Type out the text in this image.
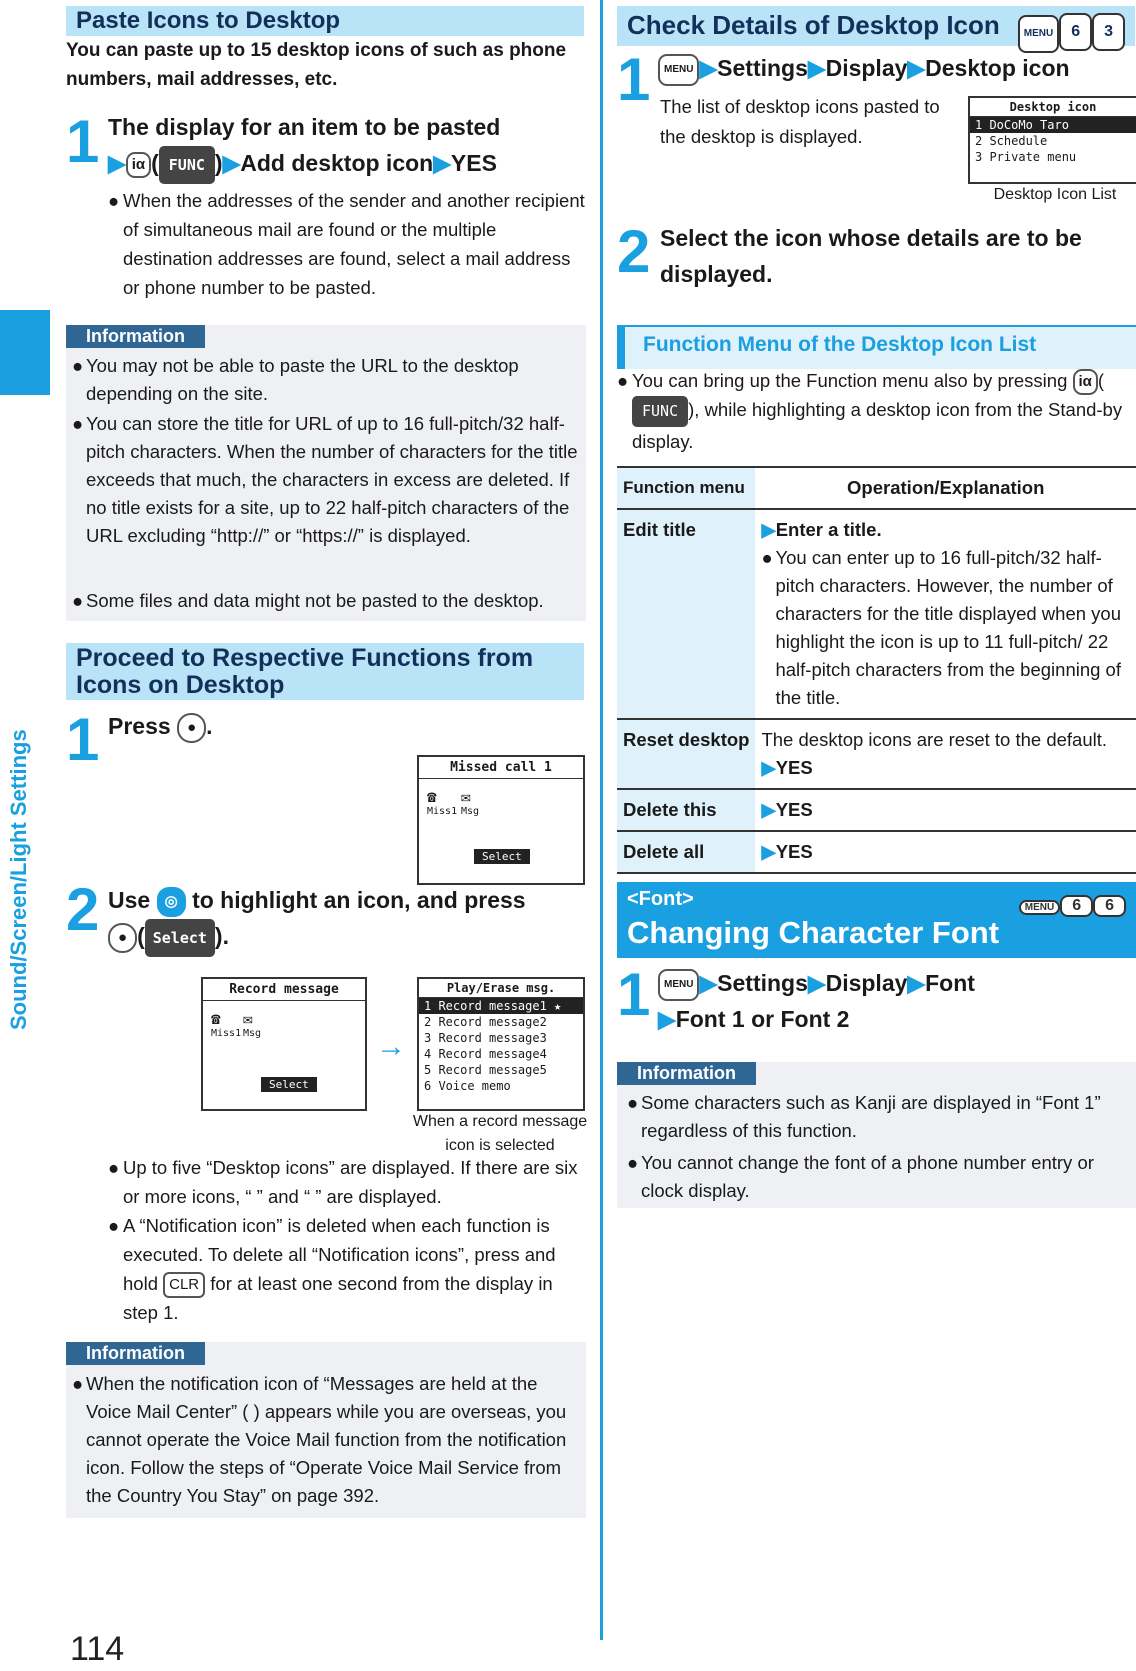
Sound/Screen/Light Settings
114
Paste Icons to Desktop
You can paste up to 15 desktop icons of such as phone numbers, mail addresses, etc.
1 The display for an item to be pasted
▶ iα ( FUNC )▶Add desktop icon▶YES
● When the addresses of the sender and another recipient of simultaneous mail are found or the multiple destination addresses are found, select a mail address or phone number to be pasted.
Information
● You may not be able to paste the URL to the desktop depending on the site.
● You can store the title for URL of up to 16 full-pitch/32 half-pitch characters. When the number of characters for the title exceeds that much, the characters in excess are deleted. If no title exists for a site, up to 22 half-pitch characters of the URL excluding “http://” or “https://” is displayed.
● Some files and data might not be pasted to the desktop.
Proceed to Respective Functions from
Icons on Desktop
1 Press ● .
Missed call 1
☎
Miss1
✉
Msg
Select
2 Use ◎ to highlight an icon, and press
● ( Select ).
Record message
☎
Miss1
✉
Msg
Select
→
Play/Erase msg.
1 Record message1 ★
2 Record message2
3 Record message3
4 Record message4
5 Record message5
6 Voice memo
When a record message
icon is selected
● Up to five “Desktop icons” are displayed. If there are six or more icons, “ ” and “ ” are displayed.
● A “Notification icon” is deleted when each function is executed. To delete all “Notification icons”, press and hold CLR for at least one second from the display in step 1.
Information
● When the notification icon of “Messages are held at the Voice Mail Center” ( ) appears while you are overseas, you cannot operate the Voice Mail function from the notification icon. Follow the steps of “Operate Voice Mail Service from the Country You Stay” on page 392.
Check Details of Desktop Icon	MENU 6 3
1	MENU ▶Settings▶Display▶Desktop icon
The list of desktop icons pasted to the desktop is displayed.
Desktop icon
1 DoCoMo Taro
2 Schedule
3 Private menu
Desktop Icon List
2 Select the icon whose details are to be displayed.
Function Menu of the Desktop Icon List
● You can bring up the Function menu also by pressing iα (FUNC ), while highlighting a desktop icon from the Stand-by display.
Function menu	Operation/Explanation
Edit title	▶Enter a title.
● You can enter up to 16 full-pitch/32 half-pitch characters. However, the number of characters for the title displayed when you highlight the icon is up to 11 full-pitch/ 22 half-pitch characters from the beginning of the title.

Reset desktop	The desktop icons are reset to the default.
▶YES

Delete this	▶YES
Delete all	▶YES
<Font>
Changing Character Font
MENU 6 6
1	MENU ▶Settings▶Display▶Font
▶Font 1 or Font 2
Information
● Some characters such as Kanji are displayed in “Font 1” regardless of this function.
● You cannot change the font of a phone number entry or clock display.
